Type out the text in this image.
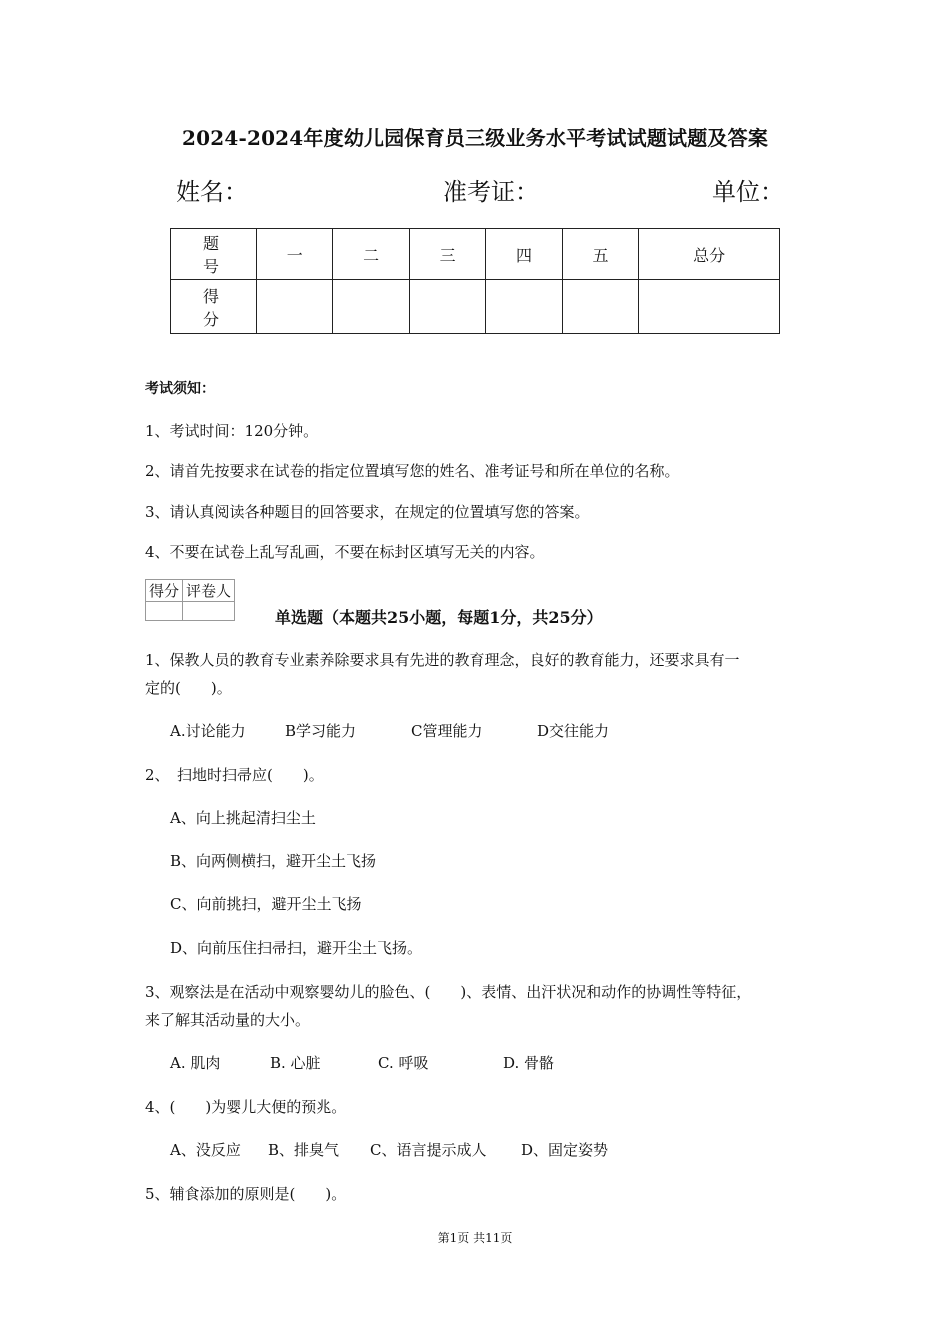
2024-2024年度幼儿园保育员三级业务水平考试试题试题及答案
姓名：	准考证：	单位：
题　号	一	二	三	四	五	总分
得　分						
考试须知：
1、考试时间：120分钟。
2、请首先按要求在试卷的指定位置填写您的姓名、准考证号和所在单位的名称。
3、请认真阅读各种题目的回答要求，在规定的位置填写您的答案。
4、不要在试卷上乱写乱画，不要在标封区填写无关的内容。
得分	评卷人

单选题（本题共25小题，每题1分，共25分）
1、保教人员的教育专业素养除要求具有先进的教育理念，良好的教育能力，还要求具有一
定的(　　)。
A.讨论能力	B学习能力	C管理能力	D交往能力
2、　扫地时扫帚应(　　)。
A、向上挑起清扫尘土
B、向两侧横扫，避开尘土飞扬
C、向前挑扫，避开尘土飞扬
D、向前压住扫帚扫，避开尘土飞扬。
3、观察法是在活动中观察婴幼儿的脸色、(　　)、表情、出汗状况和动作的协调性等特征，
来了解其活动量的大小。
A. 肌肉	B. 心脏	C. 呼吸	D. 骨骼
4、(　　)为婴儿大便的预兆。
A、没反应 B、排臭气 C、语言提示成人 D、固定姿势
5、辅食添加的原则是(　　)。
第1页 共11页
